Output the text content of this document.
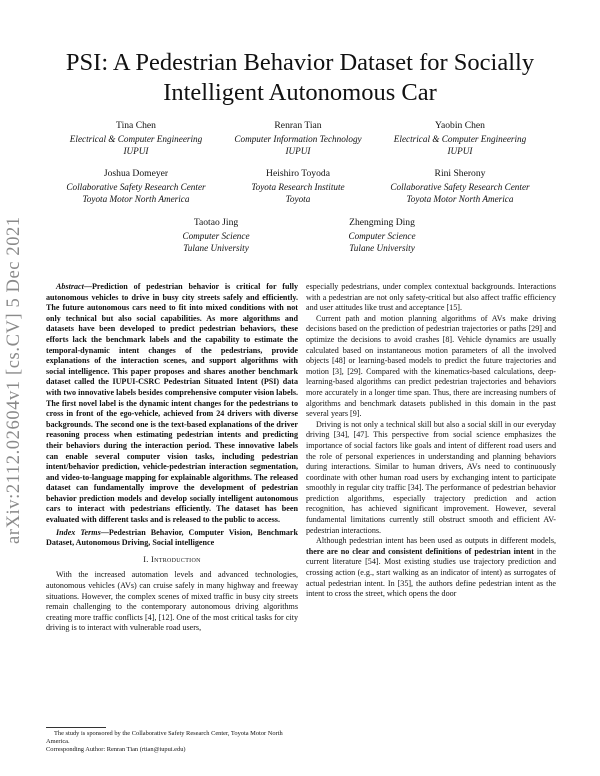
arXiv:2112.02604v1 [cs.CV] 5 Dec 2021
PSI: A Pedestrian Behavior Dataset for Socially Intelligent Autonomous Car
Tina Chen
Electrical & Computer Engineering
IUPUI
Renran Tian
Computer Information Technology
IUPUI
Yaobin Chen
Electrical & Computer Engineering
IUPUI
Joshua Domeyer
Collaborative Safety Research Center
Toyota Motor North America
Heishiro Toyoda
Toyota Research Institute
Toyota
Rini Sherony
Collaborative Safety Research Center
Toyota Motor North America
Taotao Jing
Computer Science
Tulane University
Zhengming Ding
Computer Science
Tulane University

Abstract—Prediction of pedestrian behavior is critical for fully autonomous vehicles to drive in busy city streets safely and efficiently. The future autonomous cars need to fit into mixed conditions with not only technical but also social capabilities. As more algorithms and datasets have been developed to predict pedestrian behaviors, these efforts lack the benchmark labels and the capability to estimate the temporal-dynamic intent changes of the pedestrians, provide explanations of the interaction scenes, and support algorithms with social intelligence. This paper proposes and shares another benchmark dataset called the IUPUI-CSRC Pedestrian Situated Intent (PSI) data with two innovative labels besides comprehensive computer vision labels. The first novel label is the dynamic intent changes for the pedestrians to cross in front of the ego-vehicle, achieved from 24 drivers with diverse backgrounds. The second one is the text-based explanations of the driver reasoning process when estimating pedestrian intents and predicting their behaviors during the interaction period. These innovative labels can enable several computer vision tasks, including pedestrian intent/behavior prediction, vehicle-pedestrian interaction segmentation, and video-to-language mapping for explainable algorithms. The released dataset can fundamentally improve the development of pedestrian behavior prediction models and develop socially intelligent autonomous cars to interact with pedestrians efficiently. The dataset has been evaluated with different tasks and is released to the public to access.

Index Terms—Pedestrian Behavior, Computer Vision, Benchmark Dataset, Autonomous Driving, Social intelligence

I. Introduction

With the increased automation levels and advanced technologies, autonomous vehicles (AVs) can cruise safely in many highway and freeway situations. However, the complex scenes of mixed traffic in busy city streets remain challenging to the contemporary autonomous driving algorithms creating more traffic conflicts [4], [12]. One of the most critical tasks for city driving is to interact with vulnerable road users,

The study is sponsored by the Collaborative Safety Research Center, Toyota Motor North America.
Corresponding Author: Renran Tian (rtian@iupui.edu)

especially pedestrians, under complex contextual backgrounds. Interactions with a pedestrian are not only safety-critical but also affect traffic efficiency and user attitudes like trust and acceptance [15].

Current path and motion planning algorithms of AVs make driving decisions based on the prediction of pedestrian trajectories or paths [29] and optimize the decisions to avoid crashes [8]. Vehicle dynamics are usually calculated based on instantaneous motion parameters of all the involved objects [48] or learning-based models to predict the future trajectories and motion [3], [29]. Compared with the kinematics-based calculations, deep-learning-based algorithms can predict pedestrian trajectories and behaviors more accurately in a longer time span. Thus, there are increasing numbers of algorithms and benchmark datasets published in this domain in the past several years [9].

Driving is not only a technical skill but also a social skill in our everyday driving [34], [47]. This perspective from social science emphasizes the importance of social factors like goals and intent of different road users and the role of personal experiences in understanding and planning behaviors during interactions. Similar to human drivers, AVs need to continuously coordinate with other human road users by exchanging intent to participate smoothly in regular city traffic [34]. The performance of pedestrian behavior prediction algorithms, especially trajectory prediction and action recognition, has achieved significant improvement. However, several fundamental limitations currently still obstruct smooth and efficient AV-pedestrian interactions.

Although pedestrian intent has been used as outputs in different models, there are no clear and consistent definitions of pedestrian intent in the current literature [54]. Most existing studies use trajectory prediction and crossing action (e.g., start walking as an indicator of intent) as surrogates of actual pedestrian intent. In [35], the authors define pedestrian intent as the intent to cross the street, which opens the door
